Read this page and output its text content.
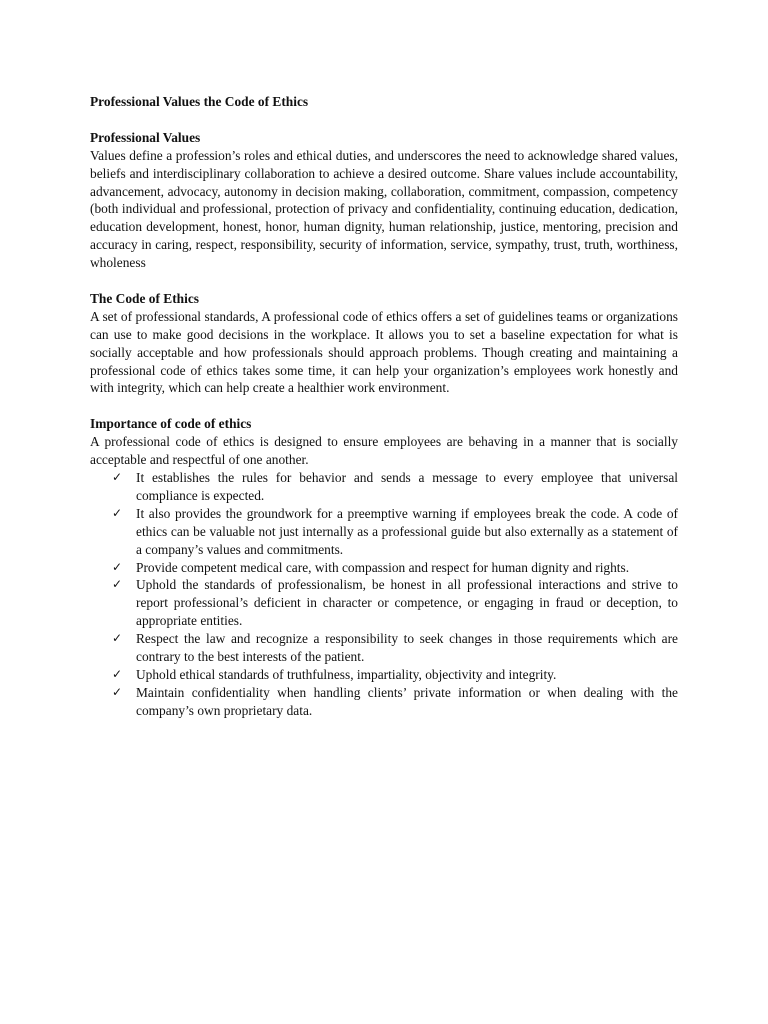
Professional Values the Code of Ethics
Professional Values

Values define a profession’s roles and ethical duties, and underscores the need to acknowledge shared values, beliefs and interdisciplinary collaboration to achieve a desired outcome. Share values include accountability, advancement, advocacy, autonomy in decision making, collaboration, commitment, compassion, competency (both individual and professional, protection of privacy and confidentiality, continuing education, dedication, education development, honest, honor, human dignity, human relationship, justice, mentoring, precision and accuracy in caring, respect, responsibility, security of information, service, sympathy, trust, truth, worthiness, wholeness

The Code of Ethics

A set of professional standards, A professional code of ethics offers a set of guidelines teams or organizations can use to make good decisions in the workplace. It allows you to set a baseline expectation for what is socially acceptable and how professionals should approach problems. Though creating and maintaining a professional code of ethics takes some time, it can help your organization’s employees work honestly and with integrity, which can help create a healthier work environment.

Importance of code of ethics

A professional code of ethics is designed to ensure employees are behaving in a manner that is socially acceptable and respectful of one another.

✓ It establishes the rules for behavior and sends a message to every employee that universal compliance is expected.
✓ It also provides the groundwork for a preemptive warning if employees break the code. A code of ethics can be valuable not just internally as a professional guide but also externally as a statement of a company’s values and commitments.
✓ Provide competent medical care, with compassion and respect for human dignity and rights.
✓ Uphold the standards of professionalism, be honest in all professional interactions and strive to report professional’s deficient in character or competence, or engaging in fraud or deception, to appropriate entities.
✓ Respect the law and recognize a responsibility to seek changes in those requirements which are contrary to the best interests of the patient.
✓ Uphold ethical standards of truthfulness, impartiality, objectivity and integrity.
✓ Maintain confidentiality when handling clients’ private information or when dealing with the company’s own proprietary data.
